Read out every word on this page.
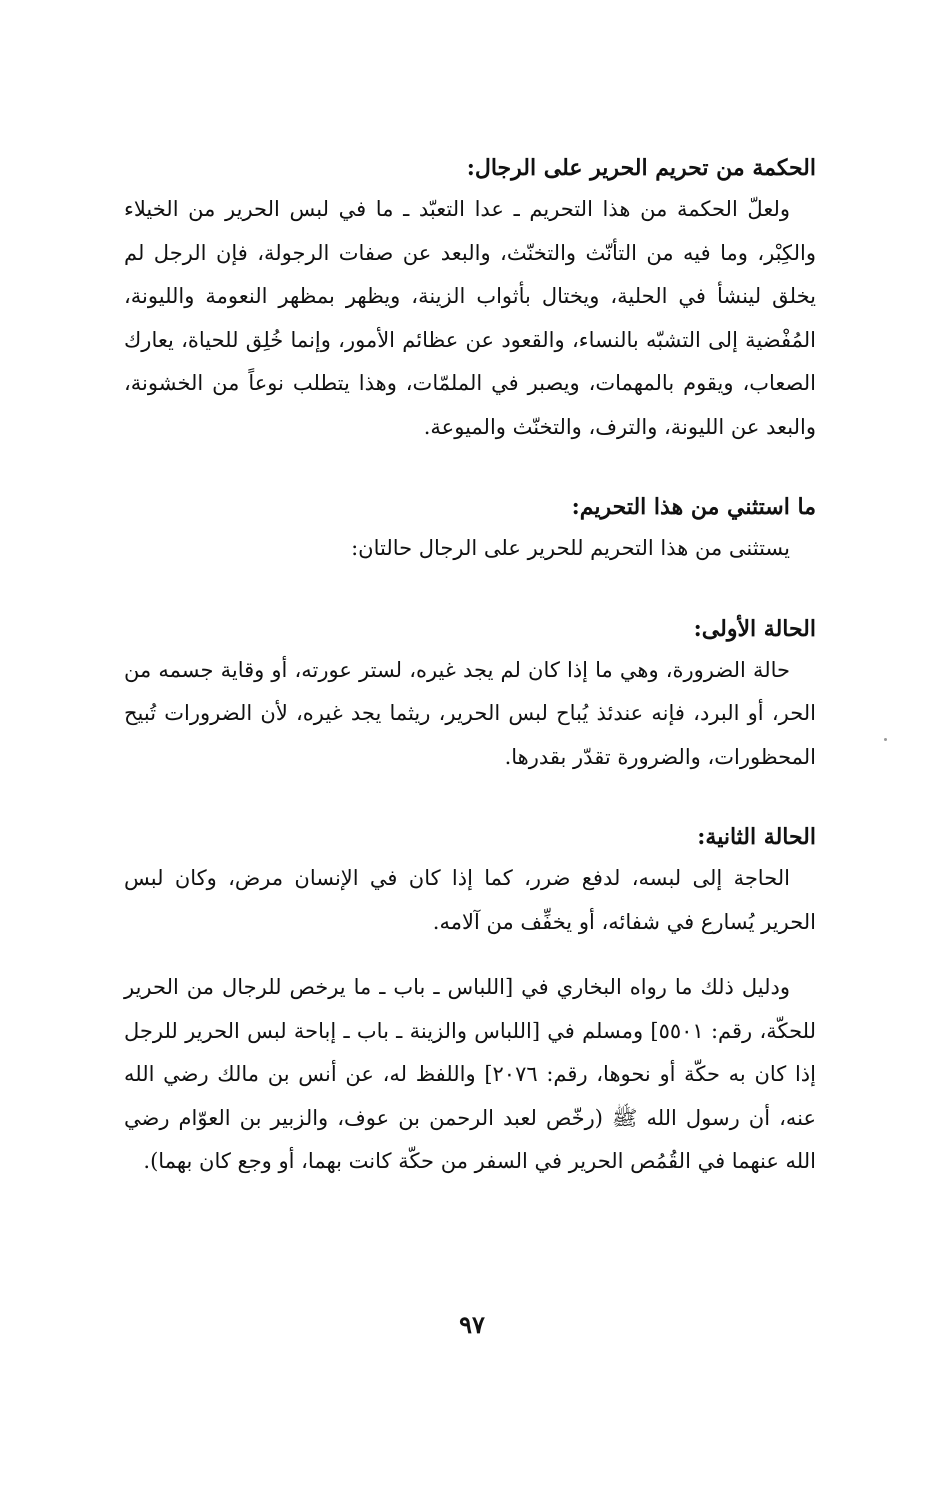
الحكمة من تحريم الحرير على الرجال:

ولعلّ الحكمة من هذا التحريم ـ عدا التعبّد ـ ما في لبس الحرير من الخيلاء والكِبْر، وما فيه من التأنّث والتخنّث، والبعد عن صفات الرجولة، فإن الرجل لم يخلق لينشأ في الحلية، ويختال بأثواب الزينة، ويظهر بمظهر النعومة والليونة، المُفْضية إلى التشبّه بالنساء، والقعود عن عظائم الأمور، وإنما خُلِق للحياة، يعارك الصعاب، ويقوم بالمهمات، ويصبر في الملمّات، وهذا يتطلب نوعاً من الخشونة، والبعد عن الليونة، والترف، والتخنّث والميوعة.

ما استثني من هذا التحريم:

يستثنى من هذا التحريم للحرير على الرجال حالتان:

الحالة الأولى:

حالة الضرورة، وهي ما إذا كان لم يجد غيره، لستر عورته، أو وقاية جسمه من الحر، أو البرد، فإنه عندئذ يُباح لبس الحرير، ريثما يجد غيره، لأن الضرورات تُبيح المحظورات، والضرورة تقدّر بقدرها.

الحالة الثانية:

الحاجة إلى لبسه، لدفع ضرر، كما إذا كان في الإنسان مرض، وكان لبس الحرير يُسارع في شفائه، أو يخفِّف من آلامه.

ودليل ذلك ما رواه البخاري في [اللباس ـ باب ـ ما يرخص للرجال من الحرير للحكّة، رقم: ٥٥٠١] ومسلم في [اللباس والزينة ـ باب ـ إباحة لبس الحرير للرجل إذا كان به حكّة أو نحوها، رقم: ٢٠٧٦] واللفظ له، عن أنس بن مالك رضي الله عنه، أن رسول الله ﷺ (رخّص لعبد الرحمن بن عوف، والزبير بن العوّام رضي الله عنهما في القُمُص الحرير في السفر من حكّة كانت بهما، أو وجع كان بهما).

٩٧
